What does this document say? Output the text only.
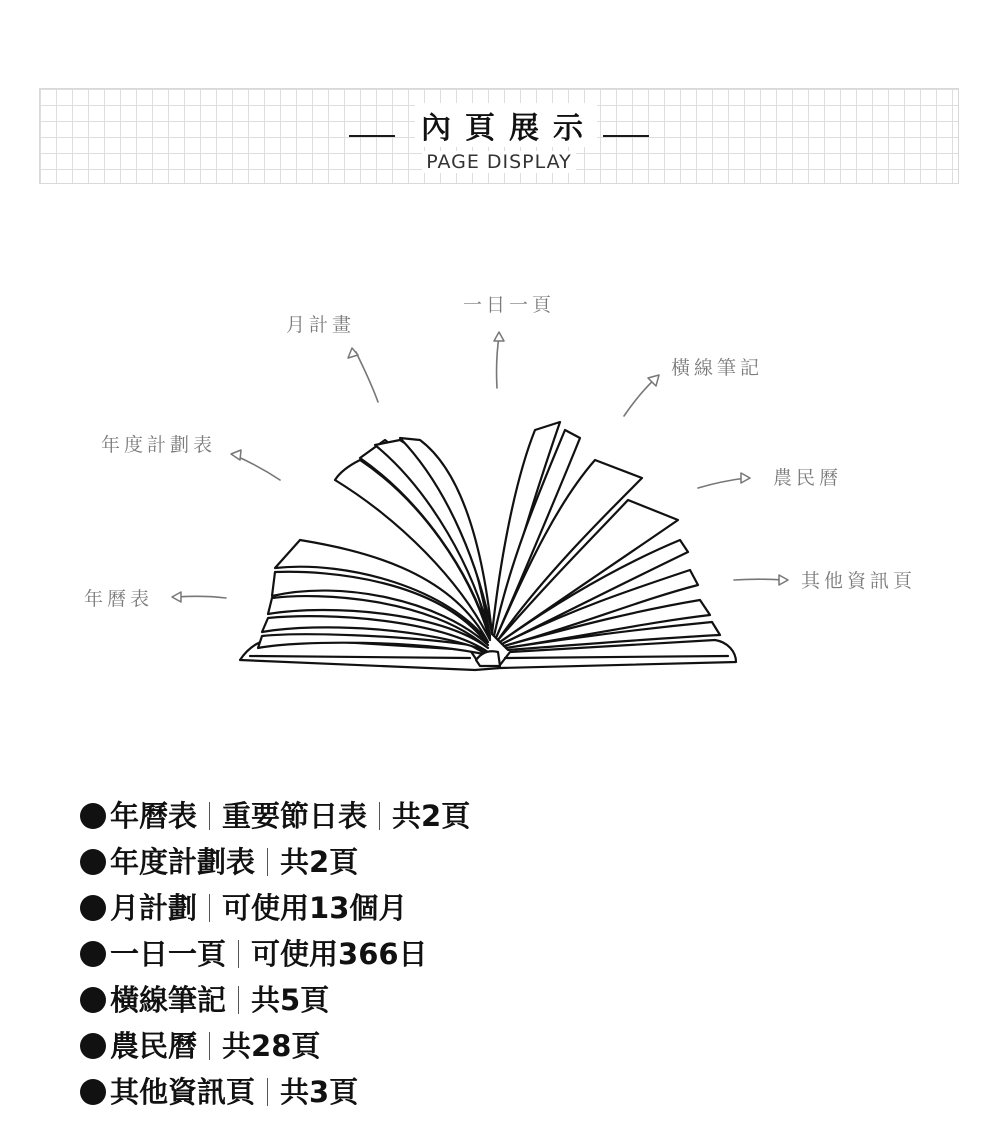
內頁展示
PAGE DISPLAY
月計畫
一日一頁
橫線筆記
年度計劃表
農民曆
年曆表
其他資訊頁
年曆表 重要節日表 共2頁
年度計劃表 共2頁
月計劃 可使用13個月
一日一頁 可使用366日
橫線筆記 共5頁
農民曆 共28頁
其他資訊頁 共3頁
